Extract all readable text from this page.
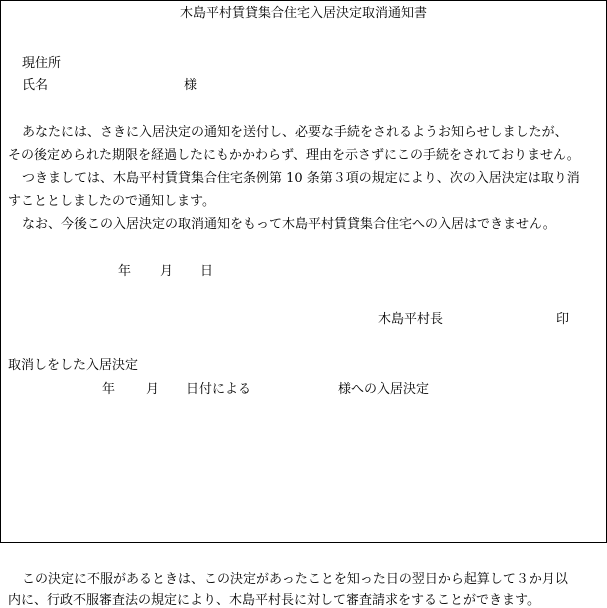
木島平村賃貸集合住宅入居決定取消通知書
現住所
氏名	様
あなたには、さきに入居決定の通知を送付し、必要な手続をされるようお知らせしましたが、
その後定められた期限を経過したにもかかわらず、理由を示さずにこの手続をされておりません。
つきましては、木島平村賃貸集合住宅条例第 10 条第３項の規定により、次の入居決定は取り消
すこととしましたので通知します。
なお、今後この入居決定の取消通知をもって木島平村賃貸集合住宅への入居はできません。
年 月 日
木島平村長	印
取消しをした入居決定
年 月 日付による	様への入居決定
この決定に不服があるときは、この決定があったことを知った日の翌日から起算して３か月以
内に、行政不服審査法の規定により、木島平村長に対して審査請求をすることができます。
